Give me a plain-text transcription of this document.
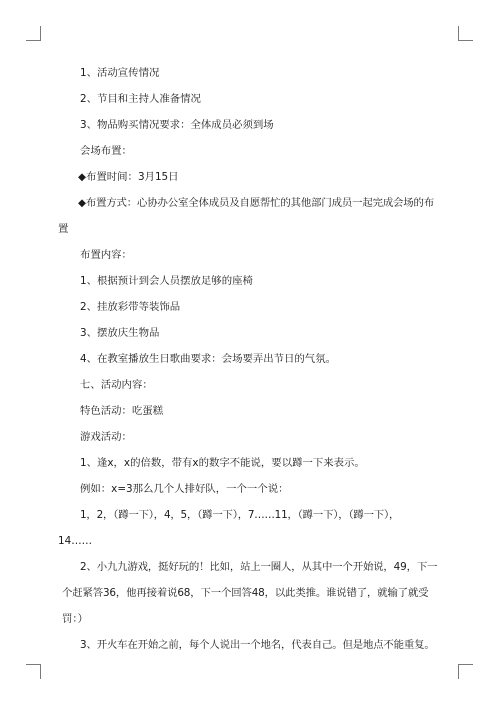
1、活动宣传情况
2、节目和主持人准备情况
3、物品购买情况要求：全体成员必须到场
会场布置：
◆布置时间：3月15日
◆布置方式：心协办公室全体成员及自愿帮忙的其他部门成员一起完成会场的布
置
布置内容：
1、根据预计到会人员摆放足够的座椅
2、挂放彩带等装饰品
3、摆放庆生物品
4、在教室播放生日歌曲要求：会场要弄出节日的气氛。
七、活动内容：
特色活动：吃蛋糕
游戏活动：
1、逢x，x的倍数，带有x的数字不能说，要以蹲一下来表示。
例如：x=3那么几个人排好队，一个一个说：
1，2，（蹲一下），4，5，（蹲一下），7……11，（蹲一下），（蹲一下），
14……
2、小九九游戏，挺好玩的！比如，站上一圈人，从其中一个开始说，49，下一
个赶紧答36，他再接着说68，下一个回答48，以此类推。谁说错了，就输了就受
罚：）
3、开火车在开始之前，每个人说出一个地名，代表自己。但是地点不能重复。
